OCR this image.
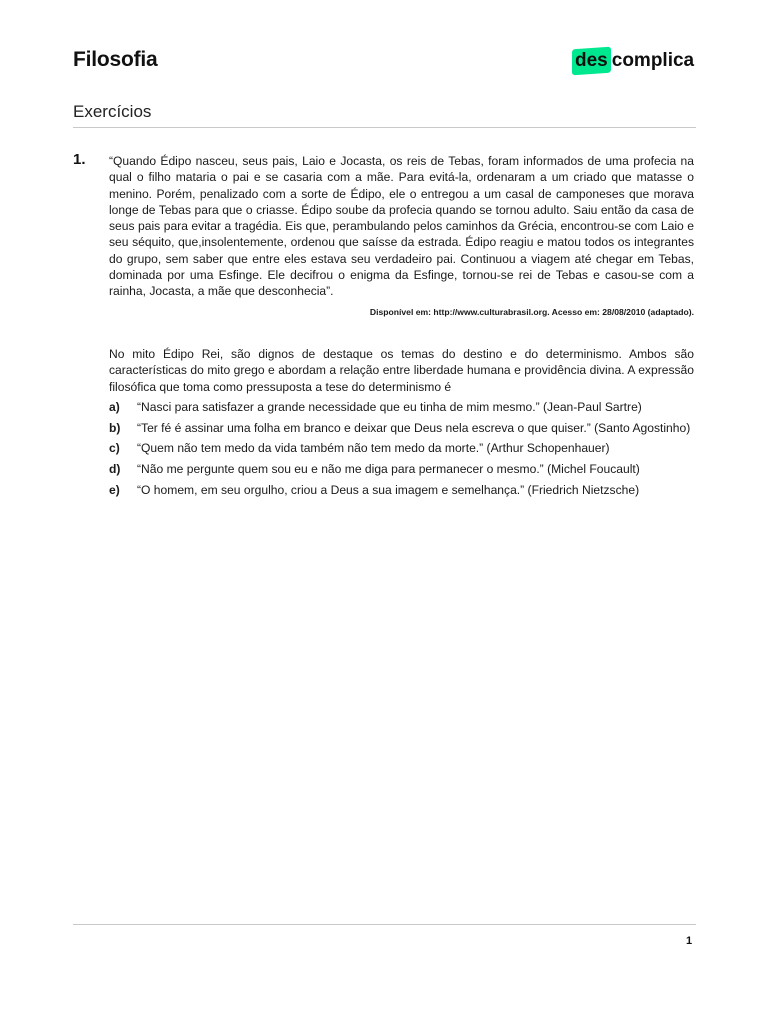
Filosofia	des complica
Exercícios
1. “Quando Édipo nasceu, seus pais, Laio e Jocasta, os reis de Tebas, foram informados de uma profecia na qual o filho mataria o pai e se casaria com a mãe. Para evitá-la, ordenaram a um criado que matasse o menino. Porém, penalizado com a sorte de Édipo, ele o entregou a um casal de camponeses que morava longe de Tebas para que o criasse. Édipo soube da profecia quando se tornou adulto. Saiu então da casa de seus pais para evitar a tragédia. Eis que, perambulando pelos caminhos da Grécia, encontrou-se com Laio e seu séquito, que,insolentemente, ordenou que saísse da estrada. Édipo reagiu e matou todos os integrantes do grupo, sem saber que entre eles estava seu verdadeiro pai. Continuou a viagem até chegar em Tebas, dominada por uma Esfinge. Ele decifrou o enigma da Esfinge, tornou-se rei de Tebas e casou-se com a rainha, Jocasta, a mãe que desconhecia”.
Disponível em: http://www.culturabrasil.org. Acesso em: 28/08/2010 (adaptado).
No mito Édipo Rei, são dignos de destaque os temas do destino e do determinismo. Ambos são características do mito grego e abordam a relação entre liberdade humana e providência divina. A expressão filosófica que toma como pressuposta a tese do determinismo é
a)	“Nasci para satisfazer a grande necessidade que eu tinha de mim mesmo.” (Jean-Paul Sartre)
b)	“Ter fé é assinar uma folha em branco e deixar que Deus nela escreva o que quiser.” (Santo Agostinho)
c)	“Quem não tem medo da vida também não tem medo da morte.” (Arthur Schopenhauer)
d)	“Não me pergunte quem sou eu e não me diga para permanecer o mesmo.” (Michel Foucault)
e)	“O homem, em seu orgulho, criou a Deus a sua imagem e semelhança.” (Friedrich Nietzsche)
1
